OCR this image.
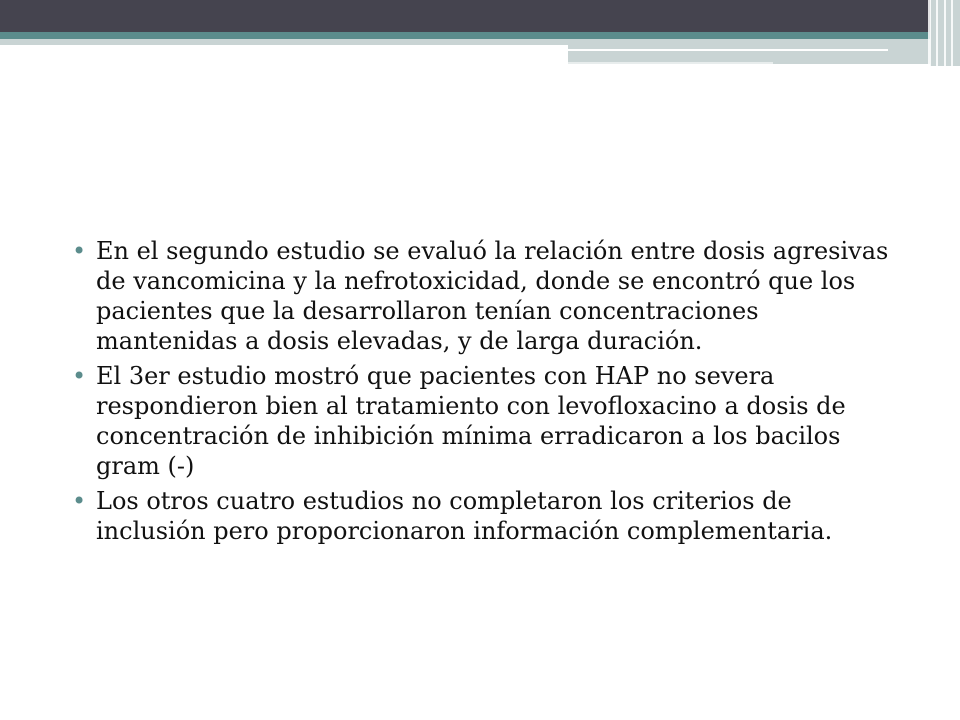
• En el segundo estudio se evaluó la relación entre dosis agresivas de vancomicina y la nefrotoxicidad, donde se encontró que los pacientes que la desarrollaron tenían concentraciones mantenidas a dosis elevadas, y de larga duración.
• El 3er estudio mostró que pacientes con HAP no severa respondieron bien al tratamiento con levofloxacino a dosis de concentración de inhibición mínima erradicaron a los bacilos gram (-)
• Los otros cuatro estudios no completaron los criterios de inclusión pero proporcionaron información complementaria.
